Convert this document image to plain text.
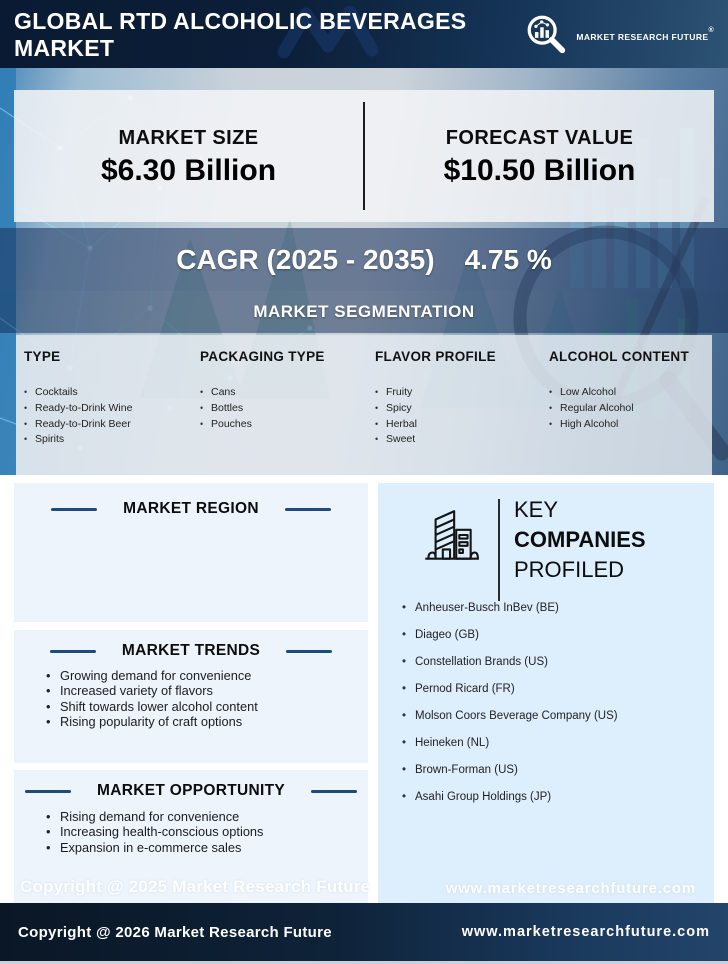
GLOBAL RTD ALCOHOLIC BEVERAGES
MARKET	MARKET RESEARCH FUTURE®
MARKET SIZE
$6.30 Billion
FORECAST VALUE
$10.50 Billion
CAGR (2025 - 2035) 4.75 %
MARKET SEGMENTATION
TYPE
• Cocktails
• Ready-to-Drink Wine
• Ready-to-Drink Beer
• Spirits
PACKAGING TYPE
• Cans
• Bottles
• Pouches
FLAVOR PROFILE
• Fruity
• Spicy
• Herbal
• Sweet
ALCOHOL CONTENT
• Low Alcohol
• Regular Alcohol
• High Alcohol
MARKET REGION
MARKET TRENDS
• Growing demand for convenience
• Increased variety of flavors
• Shift towards lower alcohol content
• Rising popularity of craft options
MARKET OPPORTUNITY
• Rising demand for convenience
• Increasing health-conscious options
• Expansion in e-commerce sales
KEY
COMPANIES
PROFILED
• Anheuser-Busch InBev (BE)
• Diageo (GB)
• Constellation Brands (US)
• Pernod Ricard (FR)
• Molson Coors Beverage Company (US)
• Heineken (NL)
• Brown-Forman (US)
• Asahi Group Holdings (JP)
Copyright @ 2025 Market Research Future	www.marketresearchfuture.com
Copyright @ 2026 Market Research Future	www.marketresearchfuture.com
